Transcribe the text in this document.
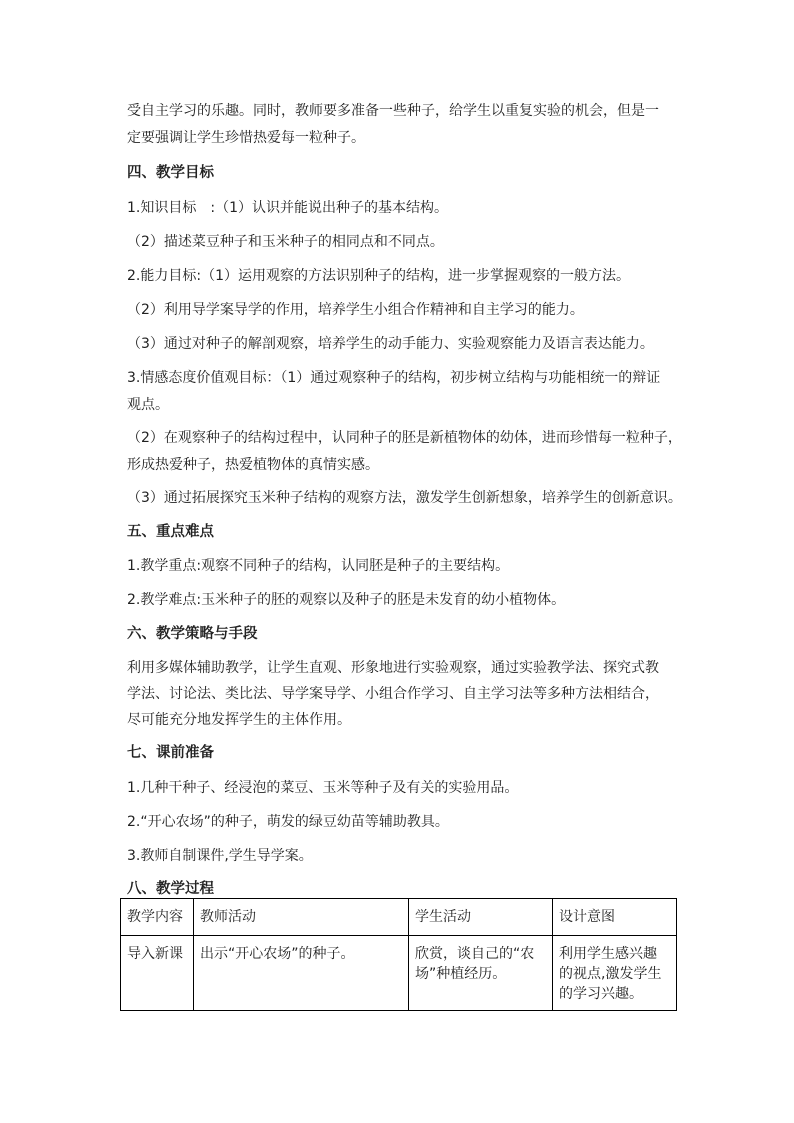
受自主学习的乐趣。同时，教师要多准备一些种子，给学生以重复实验的机会，但是一
定要强调让学生珍惜热爱每一粒种子。
四、教学目标
1.知识目标　:（1）认识并能说出种子的基本结构。
（2）描述菜豆种子和玉米种子的相同点和不同点。
2.能力目标:（1）运用观察的方法识别种子的结构，进一步掌握观察的一般方法。
（2）利用导学案导学的作用，培养学生小组合作精神和自主学习的能力。
（3）通过对种子的解剖观察，培养学生的动手能力、实验观察能力及语言表达能力。
3.情感态度价值观目标：（1）通过观察种子的结构，初步树立结构与功能相统一的辩证
观点。
（2）在观察种子的结构过程中，认同种子的胚是新植物体的幼体，进而珍惜每一粒种子，
形成热爱种子，热爱植物体的真情实感。
（3）通过拓展探究玉米种子结构的观察方法，激发学生创新想象，培养学生的创新意识。
五、重点难点
1.教学重点:观察不同种子的结构，认同胚是种子的主要结构。
2.教学难点:玉米种子的胚的观察以及种子的胚是未发育的幼小植物体。
六、教学策略与手段
利用多媒体辅助教学，让学生直观、形象地进行实验观察，通过实验教学法、探究式教
学法、讨论法、类比法、导学案导学、小组合作学习、自主学习法等多种方法相结合，
尽可能充分地发挥学生的主体作用。
七、课前准备
1.几种干种子、经浸泡的菜豆、玉米等种子及有关的实验用品。
2.“开心农场”的种子，萌发的绿豆幼苗等辅助教具。
3.教师自制课件,学生导学案。
八、教学过程
教学内容	教师活动	学生活动	设计意图
导入新课	出示“开心农场”的种子。	欣赏，谈自己的“农场”种植经历。	利用学生感兴趣的视点,激发学生的学习兴趣。
